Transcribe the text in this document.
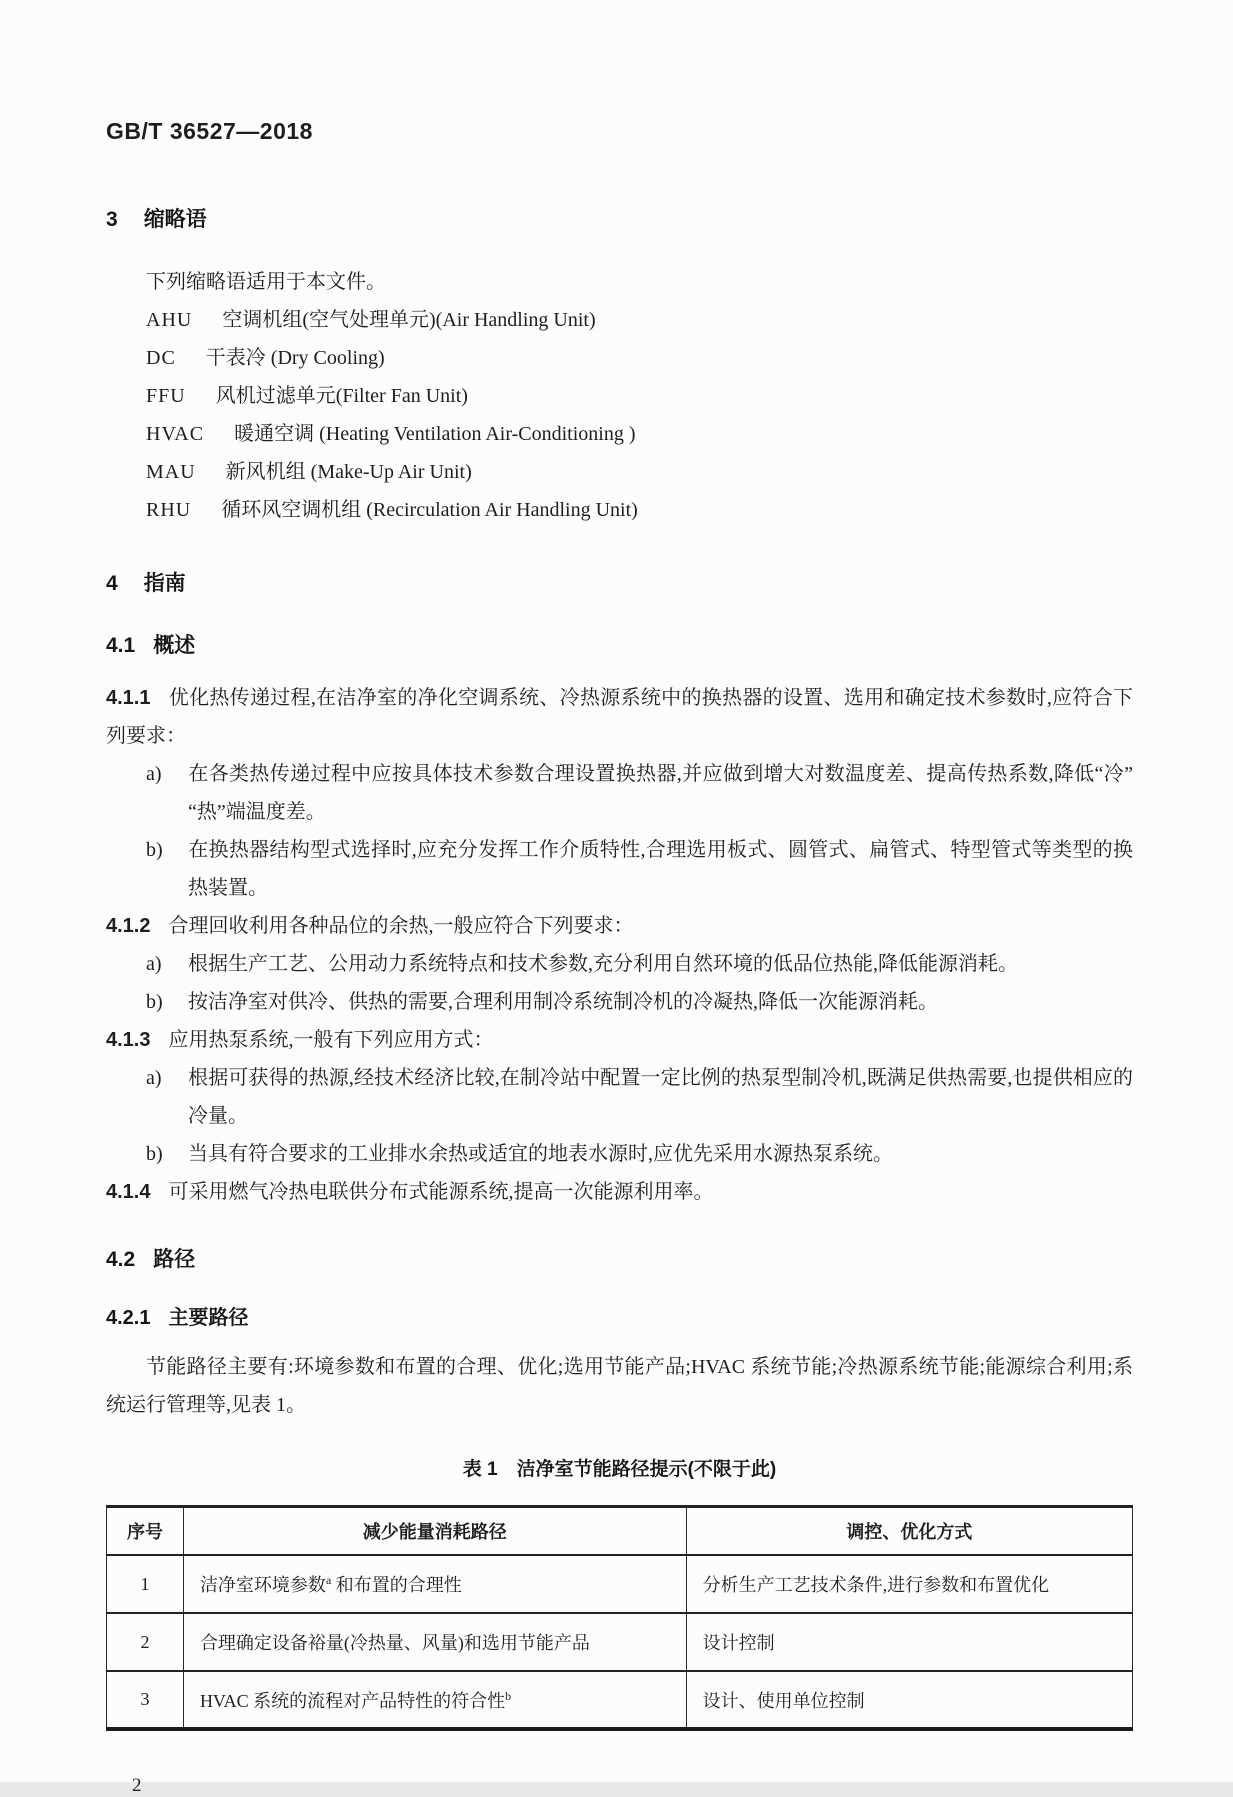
GB/T 36527—2018
3 缩略语

下列缩略语适用于本文件。

AHU 空调机组(空气处理单元)(Air Handling Unit)
DC 干表冷 (Dry Cooling)
FFU 风机过滤单元(Filter Fan Unit)
HVAC 暖通空调 (Heating Ventilation Air-Conditioning )
MAU 新风机组 (Make-Up Air Unit)
RHU 循环风空调机组 (Recirculation Air Handling Unit)
4 指南
4.1 概述

4.1.1 优化热传递过程,在洁净室的净化空调系统、冷热源系统中的换热器的设置、选用和确定技术参数时,应符合下列要求：

a) 在各类热传递过程中应按具体技术参数合理设置换热器,并应做到增大对数温度差、提高传热系数,降低“冷”“热”端温度差。
b) 在换热器结构型式选择时,应充分发挥工作介质特性,合理选用板式、圆管式、扁管式、特型管式等类型的换热装置。

4.1.2 合理回收利用各种品位的余热,一般应符合下列要求：

a) 根据生产工艺、公用动力系统特点和技术参数,充分利用自然环境的低品位热能,降低能源消耗。
b) 按洁净室对供冷、供热的需要,合理利用制冷系统制冷机的冷凝热,降低一次能源消耗。

4.1.3 应用热泵系统,一般有下列应用方式：

a) 根据可获得的热源,经技术经济比较,在制冷站中配置一定比例的热泵型制冷机,既满足供热需要,也提供相应的冷量。
b) 当具有符合要求的工业排水余热或适宜的地表水源时,应优先采用水源热泵系统。

4.1.4 可采用燃气冷热电联供分布式能源系统,提高一次能源利用率。

4.2 路径
4.2.1 主要路径

节能路径主要有:环境参数和布置的合理、优化;选用节能产品;HVAC 系统节能;冷热源系统节能;能源综合利用;系统运行管理等,见表 1。

表 1　洁净室节能路径提示(不限于此)
序号	减少能量消耗路径	调控、优化方式
1	洁净室环境参数$^a$ 和布置的合理性	分析生产工艺技术条件,进行参数和布置优化
2	合理确定设备裕量(冷热量、风量)和选用节能产品	设计控制
3	HVAC 系统的流程对产品特性的符合性$^b$	设计、使用单位控制
2
